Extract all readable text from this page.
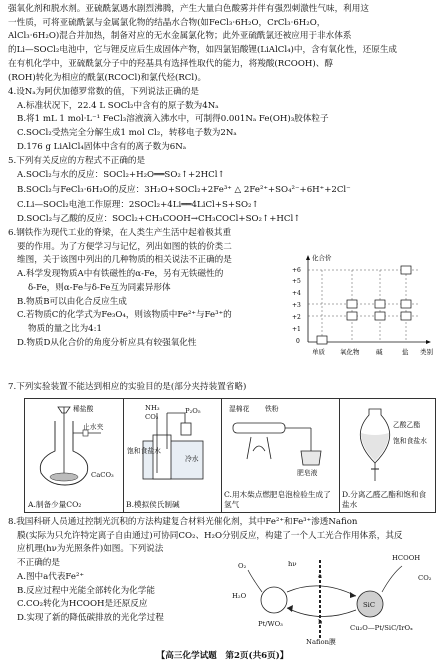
强氧化剂和脱水剂。亚硫酰氯遇水剧烈沸腾，产生大量白色酸雾并伴有强烈刺激性气味，利用这

一性质，可将亚硫酰氯与金属氯化物的结晶水合物(如FeCl₃·6H₂O，CrCl₃·6H₂O，

AlCl₃·6H₂O)混合并加热，制备对应的无水金属氯化物；此外亚硫酰氯还被应用于非水体系

的Li—SOCl₂电池中，它与锂反应后生成固体产物，如四氯铝酸锂(LiAlCl₄)中，含有氧化性，还原生成

在有机化学中，亚硫酰氯分子中的羟基具有选择性取代的能力，将羧酸(RCOOH)、醇

(ROH)转化为相应的酰氯(RCOCl)和氯代烃(RCl)。

4.设Nₐ为阿伏加德罗常数的值，下列说法正确的是

A.标准状况下，22.4 L SOCl₂中含有的原子数为4Nₐ

B.将1 mL 1 mol·L⁻¹ FeCl₃溶液滴入沸水中，可制得0.001Nₐ Fe(OH)₃胶体粒子

C.SOCl₂受热完全分解生成1 mol Cl₂，转移电子数为2Nₐ

D.176 g LiAlCl₄固体中含有的离子数为6Nₐ

5.下列有关反应的方程式不正确的是

A.SOCl₂与水的反应：SOCl₂+H₂O══SO₂↑+2HCl↑

B.SOCl₂与FeCl₃·6H₂O的反应：3H₂O+SOCl₂+2Fe³⁺ △ 2Fe²⁺+SO₄²⁻+6H⁺+2Cl⁻

C.Li—SOCl₂电池工作原理：2SOCl₂+4Li══4LiCl+S+SO₂↑

D.SOCl₂与乙酸的反应：SOCl₂+CH₃COOH→CH₃COCl+SO₂↑+HCl↑

6.钢铁作为现代工业的脊梁，在人类生产生活中起着极其重

要的作用。为了方便学习与记忆，列出如图的铁的价类二

维图，关于该图中列出的几种物质的相关说法不正确的是

A.科学发现物质A中有铁磁性的α-Fe，另有无铁磁性的

δ-Fe，则α-Fe与δ-Fe互为同素异形体

B.物质B可以由化合反应生成

C.若物质C的化学式为Fe₃O₄，则该物质中Fe²⁺与Fe³⁺的

物质的量之比为4:1

D.物质D从化合价的角度分析应具有较强氧化性

化合价
+6
+5
+4
+3
+2
+1
0
单质 氧化物	碱	盐 类别

7.下列实验装置不能达到相应的实验目的是(部分夹持装置省略)

稀盐酸
止水夹
CaCO₃
A.制备少量CO₂
NH₃
CO₂
P₂O₅
饱和食盐水
冷水
B.模拟侯氏制碱
湿棉花 铁粉
肥皂液
C.用木柴点燃肥皂泡检验生成了氢气
乙酸乙酯
饱和食盐水
D.分离乙醛乙酯和饱和食盐水

8.我国科研人员通过控制光沉积的方法构建复合材料光催化剂，其中Fe²⁺和Fe³⁺渗透Nafion

膜(实际为只允许特定离子自由通过)可协同CO₂、H₂O分别反应，构建了一个人工光合作用体系，其反

应机理(hν为光照条件)如图。下列说法

不正确的是

A.图中a代表Fe²⁺

B.反应过程中光能全部转化为化学能

C.CO₂转化为HCOOH是还原反应

D.实现了新的降低碳排放的光化学过程

HCOOH
CO₂
O₂
H₂O
a
b
hν
Pt/WO₃	Cu₂O—Pt/SiC/IrOₓ
SiC
Nafion膜
【高三化学试题　第2页(共6页)】
